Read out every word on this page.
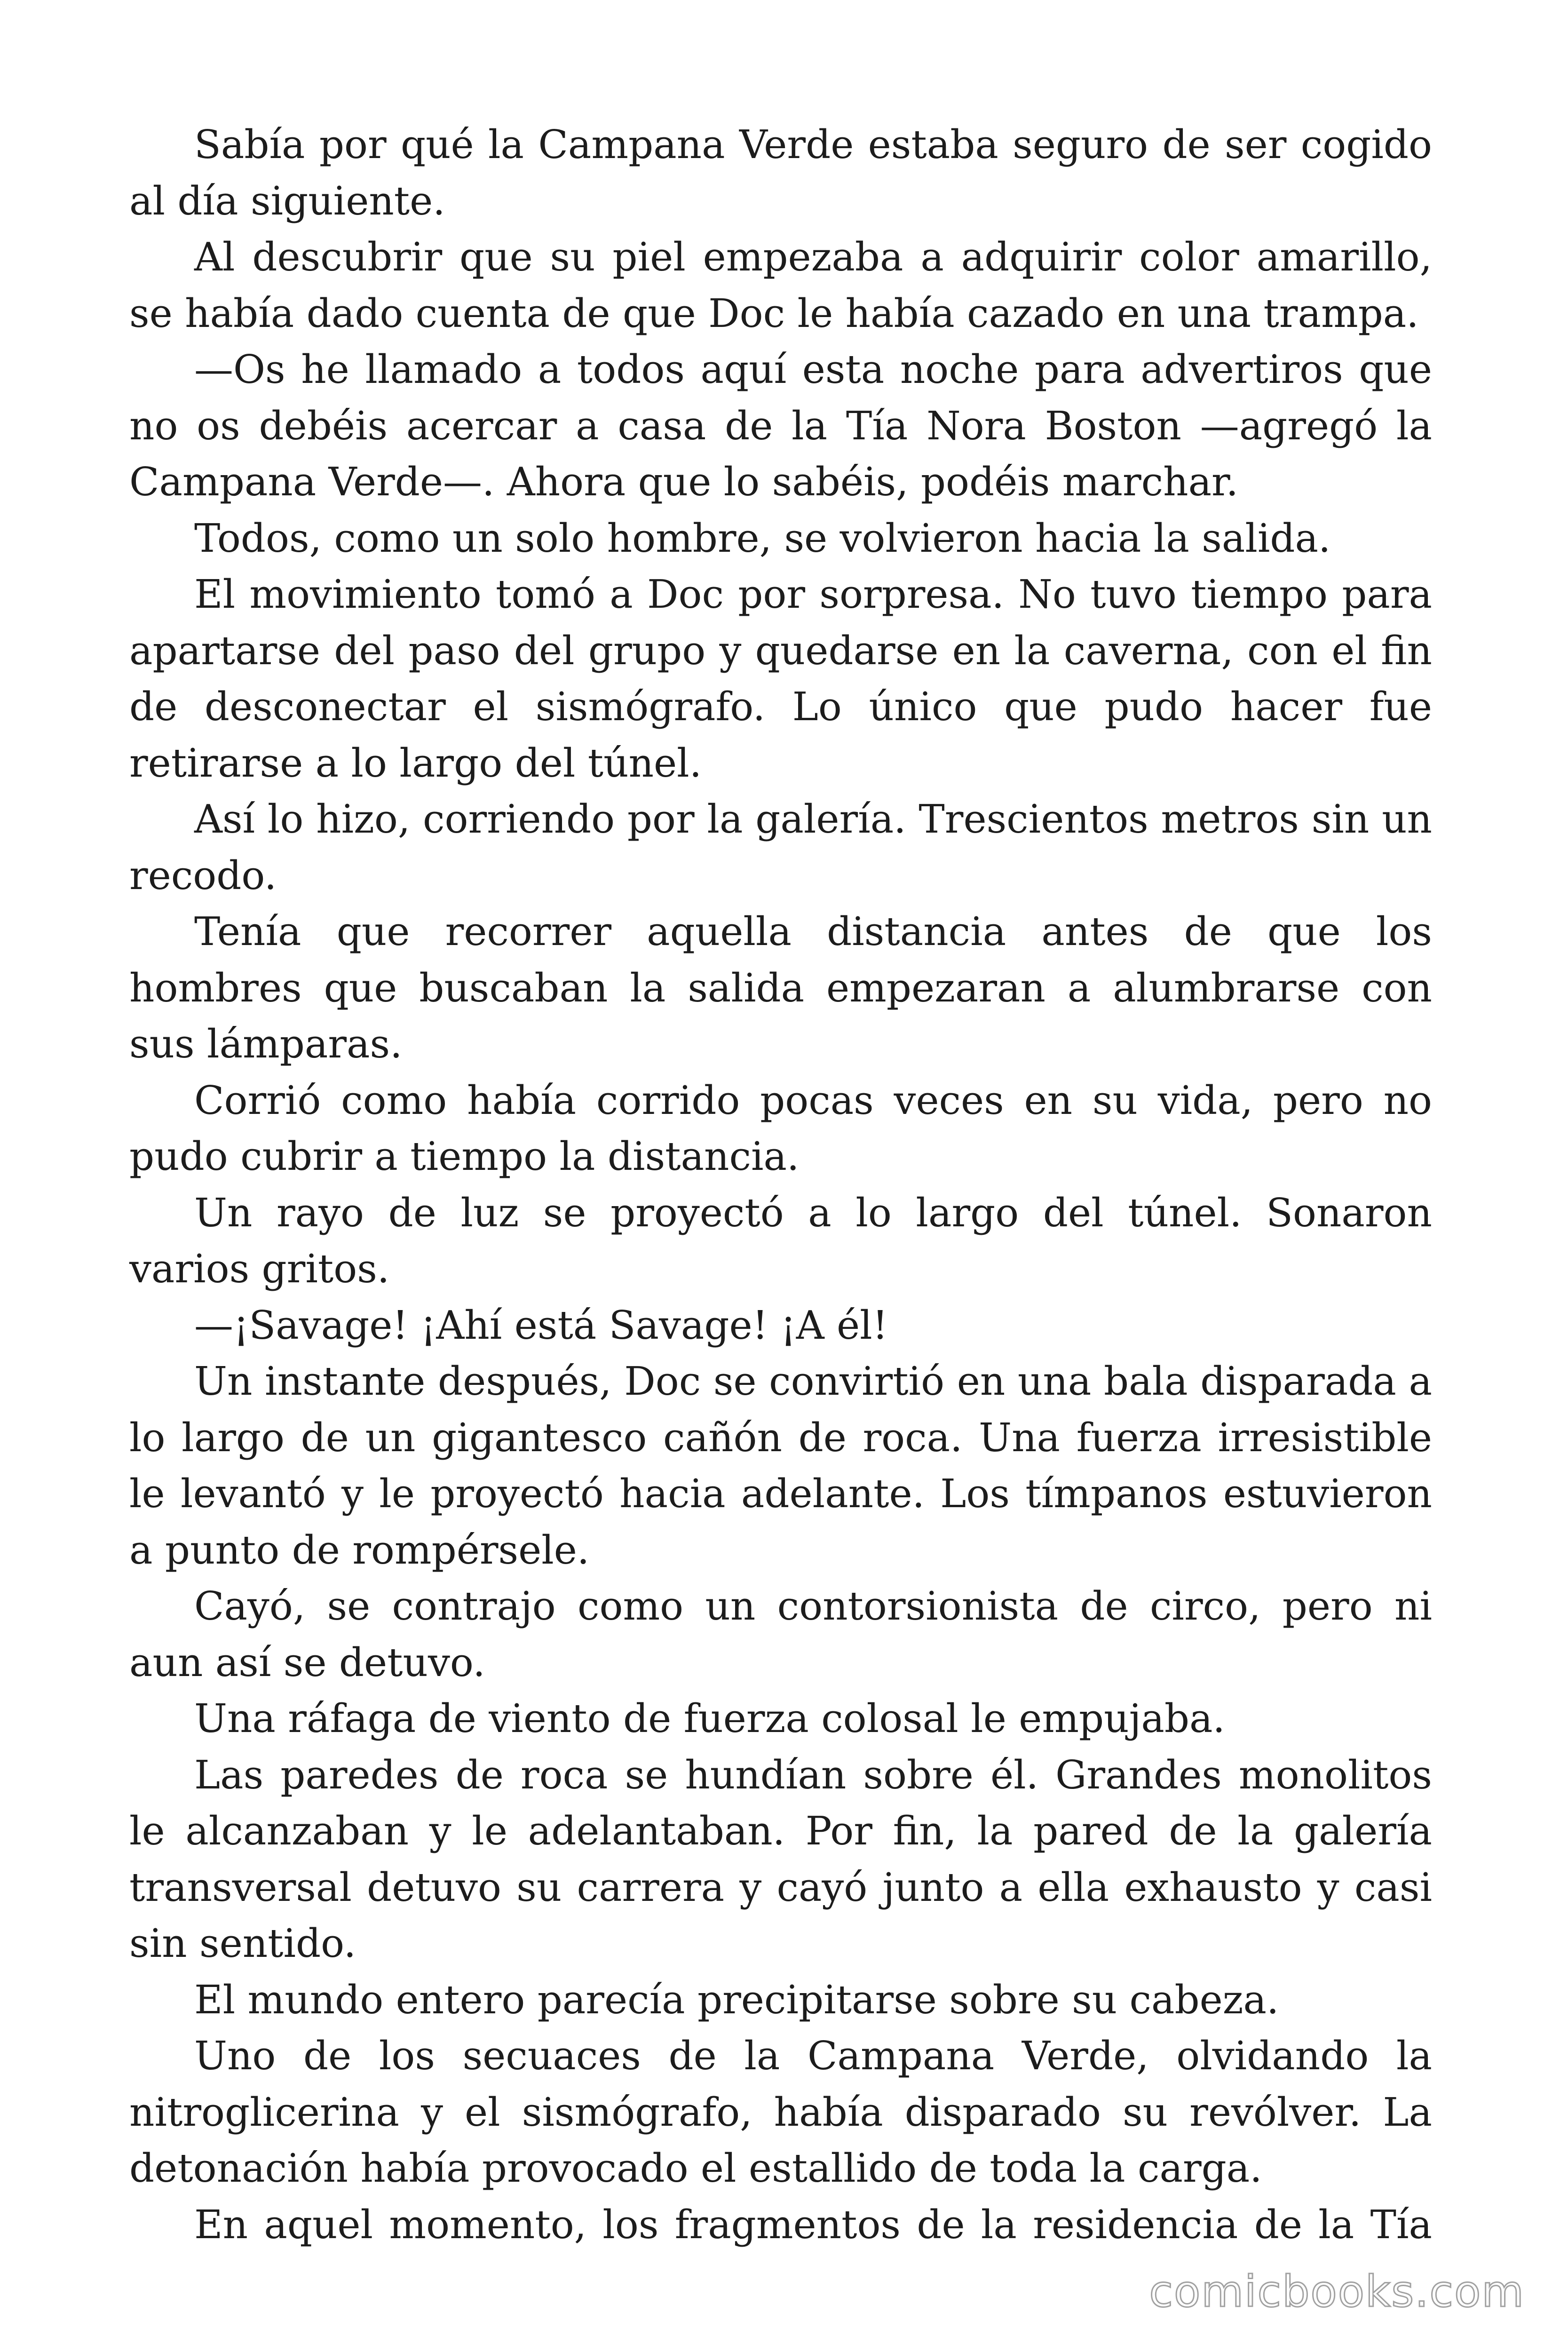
Sabía por qué la Campana Verde estaba seguro de ser cogido al día siguiente.

Al descubrir que su piel empezaba a adquirir color amarillo, se había dado cuenta de que Doc le había cazado en una trampa.

—Os he llamado a todos aquí esta noche para advertiros que no os debéis acercar a casa de la Tía Nora Boston —agregó la Campana Verde—. Ahora que lo sabéis, podéis marchar.

Todos, como un solo hombre, se volvieron hacia la salida.

El movimiento tomó a Doc por sorpresa. No tuvo tiempo para apartarse del paso del grupo y quedarse en la caverna, con el fin de desconectar el sismógrafo. Lo único que pudo hacer fue retirarse a lo largo del túnel.

Así lo hizo, corriendo por la galería. Trescientos metros sin un recodo.

Tenía que recorrer aquella distancia antes de que los hombres que buscaban la salida empezaran a alumbrarse con sus lámparas.

Corrió como había corrido pocas veces en su vida, pero no pudo cubrir a tiempo la distancia.

Un rayo de luz se proyectó a lo largo del túnel. Sonaron varios gritos.

—¡Savage! ¡Ahí está Savage! ¡A él!

Un instante después, Doc se convirtió en una bala disparada a lo largo de un gigantesco cañón de roca. Una fuerza irresistible le levantó y le proyectó hacia adelante. Los tímpanos estuvieron a punto de rompérsele.

Cayó, se contrajo como un contorsionista de circo, pero ni aun así se detuvo.

Una ráfaga de viento de fuerza colosal le empujaba.

Las paredes de roca se hundían sobre él. Grandes monolitos le alcanzaban y le adelantaban. Por fin, la pared de la galería transversal detuvo su carrera y cayó junto a ella exhausto y casi sin sentido.

El mundo entero parecía precipitarse sobre su cabeza.

Uno de los secuaces de la Campana Verde, olvidando la nitroglicerina y el sismógrafo, había disparado su revólver. La detonación había provocado el estallido de toda la carga.

En aquel momento, los fragmentos de la residencia de la Tía

comicbooks.com
